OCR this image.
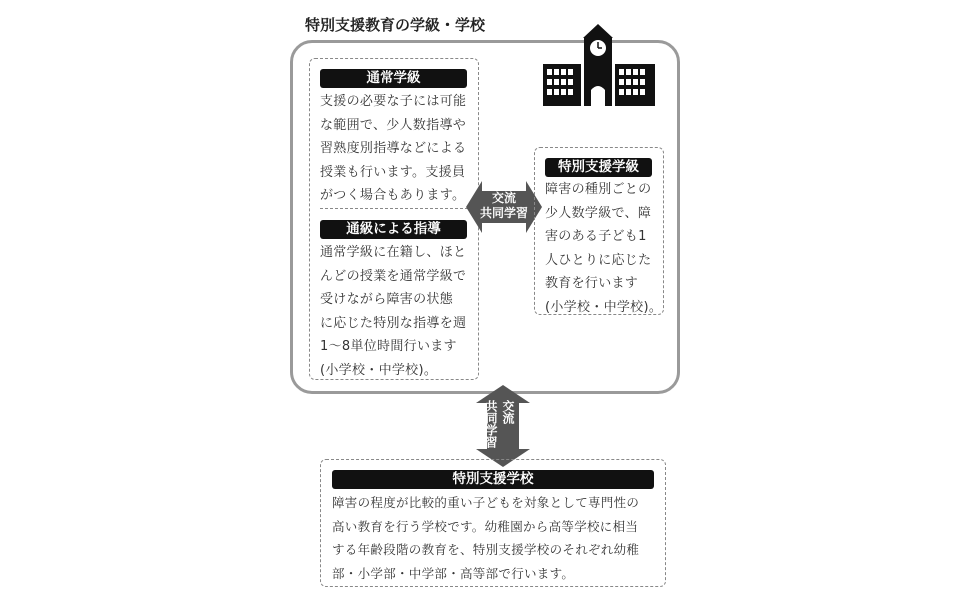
特別支援教育の学級・学校
通常学級
支援の必要な子には可能
な範囲で、少人数指導や
習熟度別指導などによる
授業も行います。支援員
がつく場合もあります。
通級による指導
通常学級に在籍し、ほと
んどの授業を通常学級で
受けながら障害の状態
に応じた特別な指導を週
1～8単位時間行います
(小学校・中学校)。
交流
共同学習
特別支援学級
障害の種別ごとの
少人数学級で、障
害のある子ども1
人ひとりに応じた
教育を行います
(小学校・中学校)。
交流
共同学習
特別支援学校
障害の程度が比較的重い子どもを対象として専門性の
高い教育を行う学校です。幼稚園から高等学校に相当
する年齢段階の教育を、特別支援学校のそれぞれ幼稚
部・小学部・中学部・高等部で行います。
